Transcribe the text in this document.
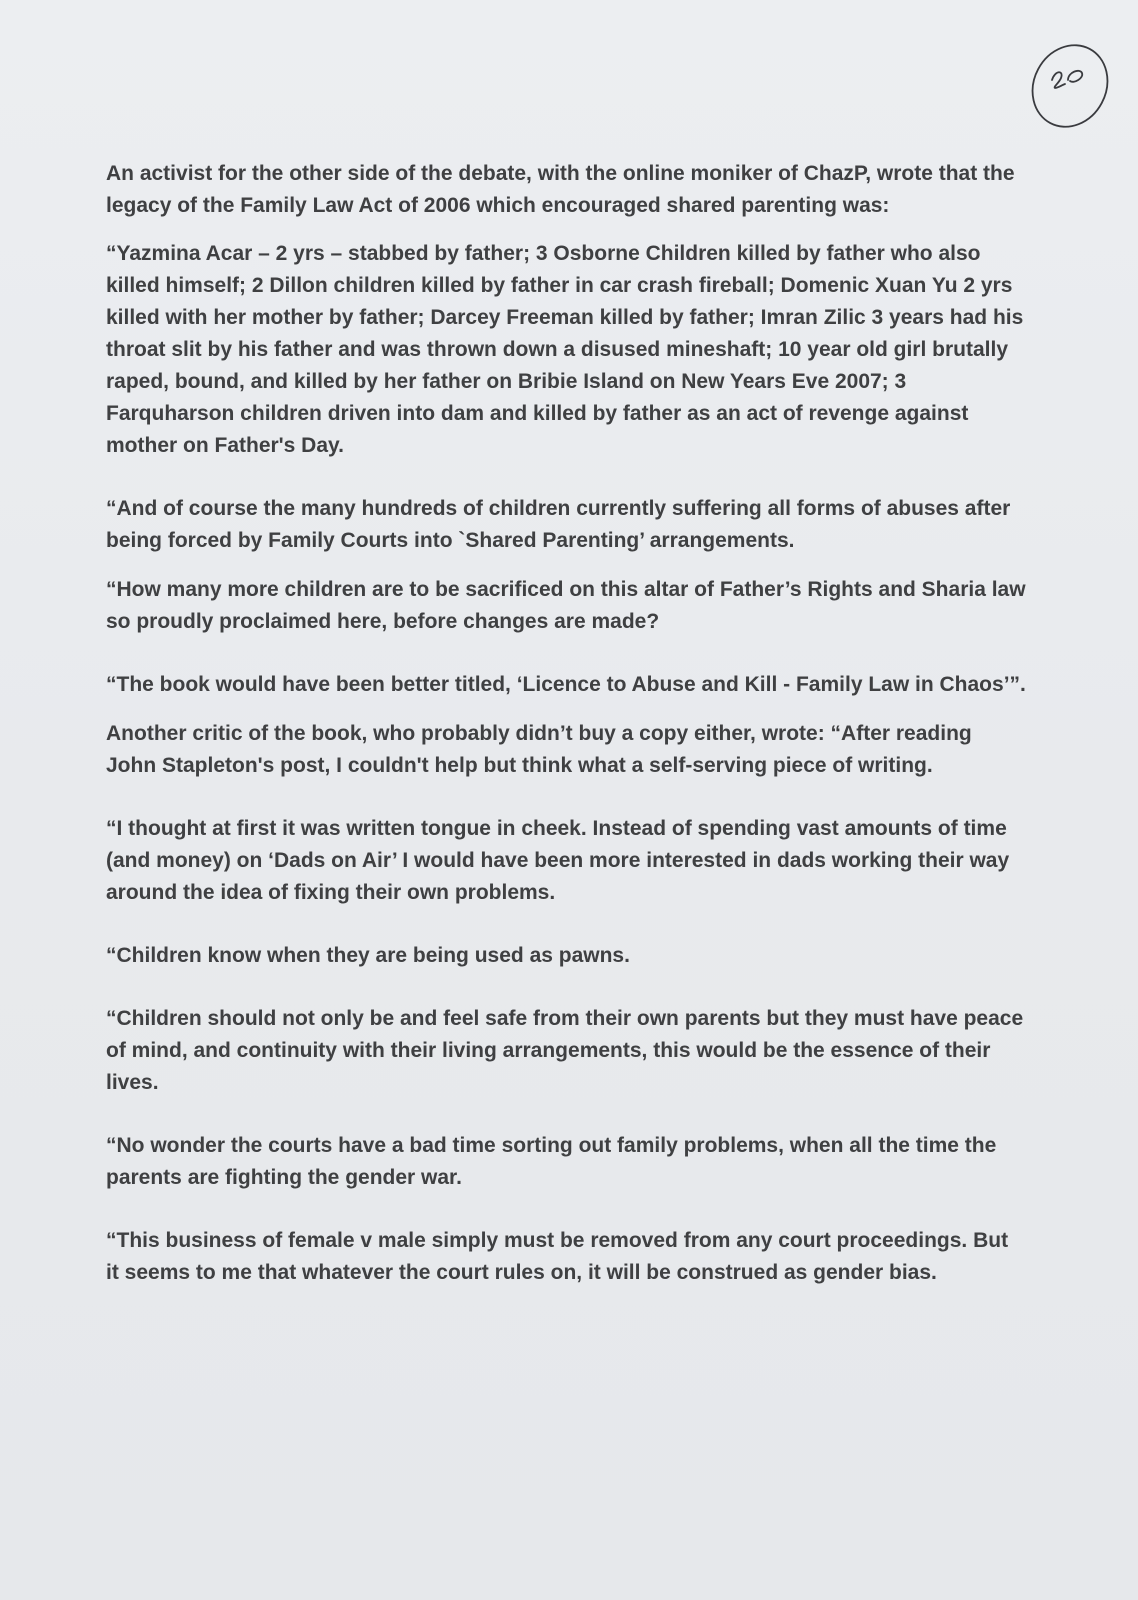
An activist for the other side of the debate, with the online moniker of ChazP, wrote that the legacy of the Family Law Act of 2006 which encouraged shared parenting was:

“Yazmina Acar – 2 yrs – stabbed by father; 3 Osborne Children killed by father who also killed himself; 2 Dillon children killed by father in car crash fireball; Domenic Xuan Yu 2 yrs killed with her mother by father; Darcey Freeman killed by father; Imran Zilic 3 years had his throat slit by his father and was thrown down a disused mineshaft; 10 year old girl brutally raped, bound, and killed by her father on Bribie Island on New Years Eve 2007; 3 Farquharson children driven into dam and killed by father as an act of revenge against mother on Father's Day.

“And of course the many hundreds of children currently suffering all forms of abuses after being forced by Family Courts into `Shared Parenting’ arrangements.

“How many more children are to be sacrificed on this altar of Father’s Rights and Sharia law so proudly proclaimed here, before changes are made?

“The book would have been better titled, ‘Licence to Abuse and Kill - Family Law in Chaos’”.

Another critic of the book, who probably didn’t buy a copy either, wrote: “After reading John Stapleton's post, I couldn't help but think what a self-serving piece of writing.

“I thought at first it was written tongue in cheek. Instead of spending vast amounts of time (and money) on ‘Dads on Air’ I would have been more interested in dads working their way around the idea of fixing their own problems.

“Children know when they are being used as pawns.

“Children should not only be and feel safe from their own parents but they must have peace of mind, and continuity with their living arrangements, this would be the essence of their lives.

“No wonder the courts have a bad time sorting out family problems, when all the time the parents are fighting the gender war.

“This business of female v male simply must be removed from any court proceedings. But it seems to me that whatever the court rules on, it will be construed as gender bias.
